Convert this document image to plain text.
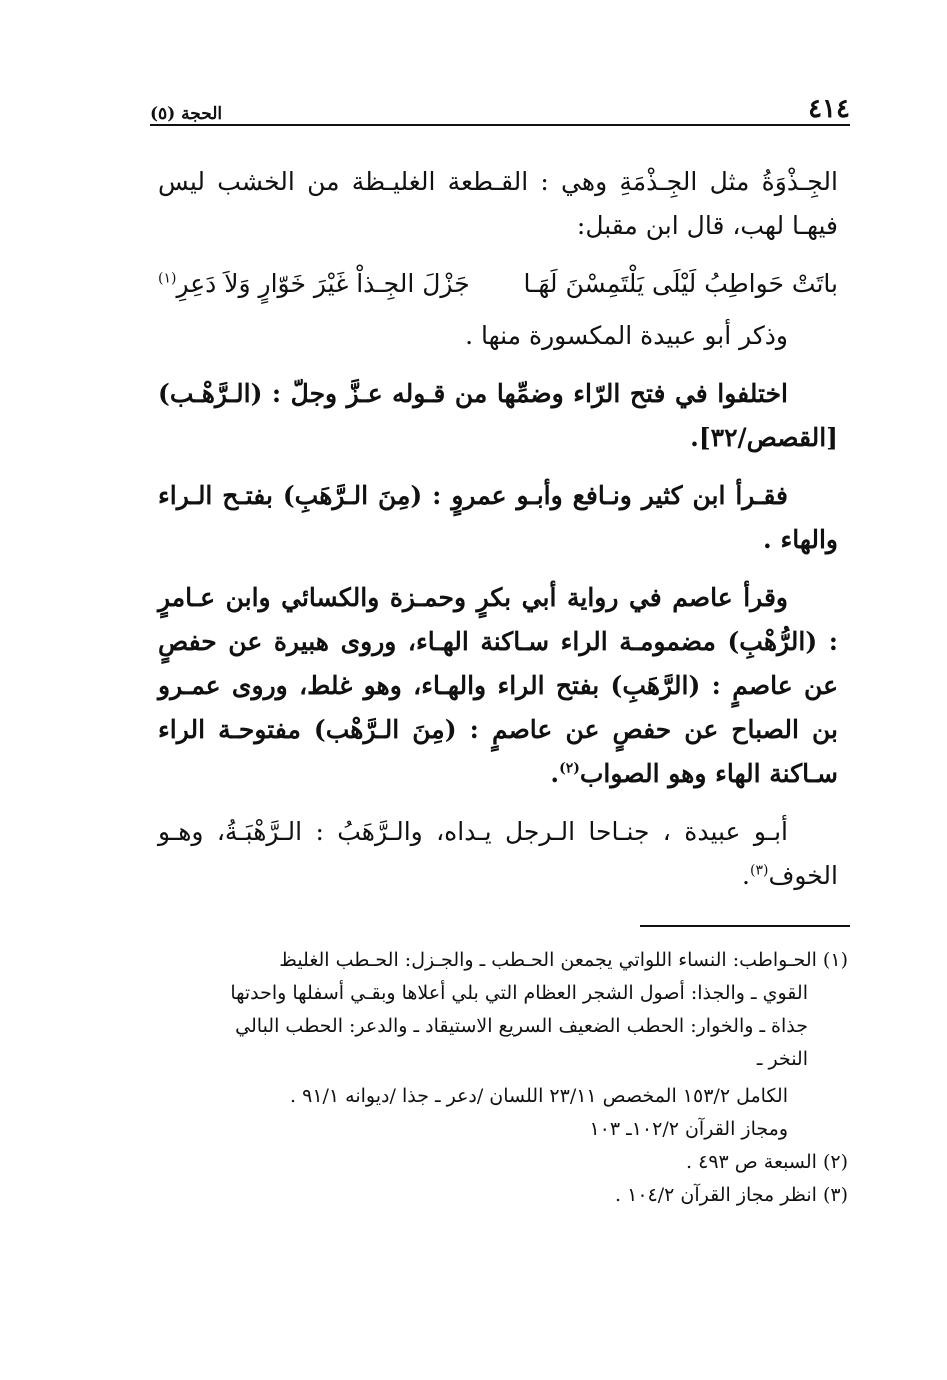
٤١٤
الحجة (٥)

الجِـذْوَةُ مثل الجِـذْمَةِ وهي : القـطعة الغليـظة من الخشب ليس فيهـا لهب، قال ابن مقبل:

باتَتْ حَواطِبُ لَيْلَى يَلْتَمِسْنَ لَهَـا
جَزْلَ الجِـذاْ غَيْرَ خَوّارٍ وَلاَ دَعِرِ$^{(١)}$

وذكر أبو عبيدة المكسورة منها .

اختلفوا في فتح الرّاء وضمِّها من قـوله عـزَّ وجلّ : (الـرَّهْـب) [القصص/٣٢].

فقـرأ ابن كثير ونـافع وأبـو عمروٍ : (مِنَ الـرَّهَبِ) بفتـح الـراء والهاء .

وقرأ عاصم في رواية أبي بكرٍ وحمـزة والكسائي وابن عـامرٍ : (الرُّهْبِ) مضمومـة الراء سـاكنة الهـاء، وروى هبيرة عن حفصٍ عن عاصمٍ : (الرَّهَبِ) بفتح الراء والهـاء، وهو غلط، وروى عمـرو بن الصباح عن حفصٍ عن عاصمٍ : (مِنَ الـرَّهْب) مفتوحـة الراء سـاكنة الهاء وهو الصواب$^{(٢)}$.

أبـو عبيدة ، جنـاحا الـرجل يـداه، والـرَّهَبُ : الـرَّهْبَـةُ، وهـو الخوف$^{(٣)}$.

(١) الحـواطب: النساء اللواتي يجمعن الحـطب ـ والجـزل: الحـطب الغليظ

القوي ـ والجذا: أصول الشجر العظام التي بلي أعلاها وبقـي أسفلها واحدتها

جذاة ـ والخوار: الحطب الضعيف السريع الاستيقاد ـ والدعر: الحطب البالي

النخر ـ

الكامل ١٥٣/٢ المخصص ٢٣/١١ اللسان /دعر ـ جذا /ديوانه ٩١/١ .

ومجاز القرآن ١٠٢/٢ـ ١٠٣

(٢) السبعة ص ٤٩٣ .

(٣) انظر مجاز القرآن ١٠٤/٢ .
